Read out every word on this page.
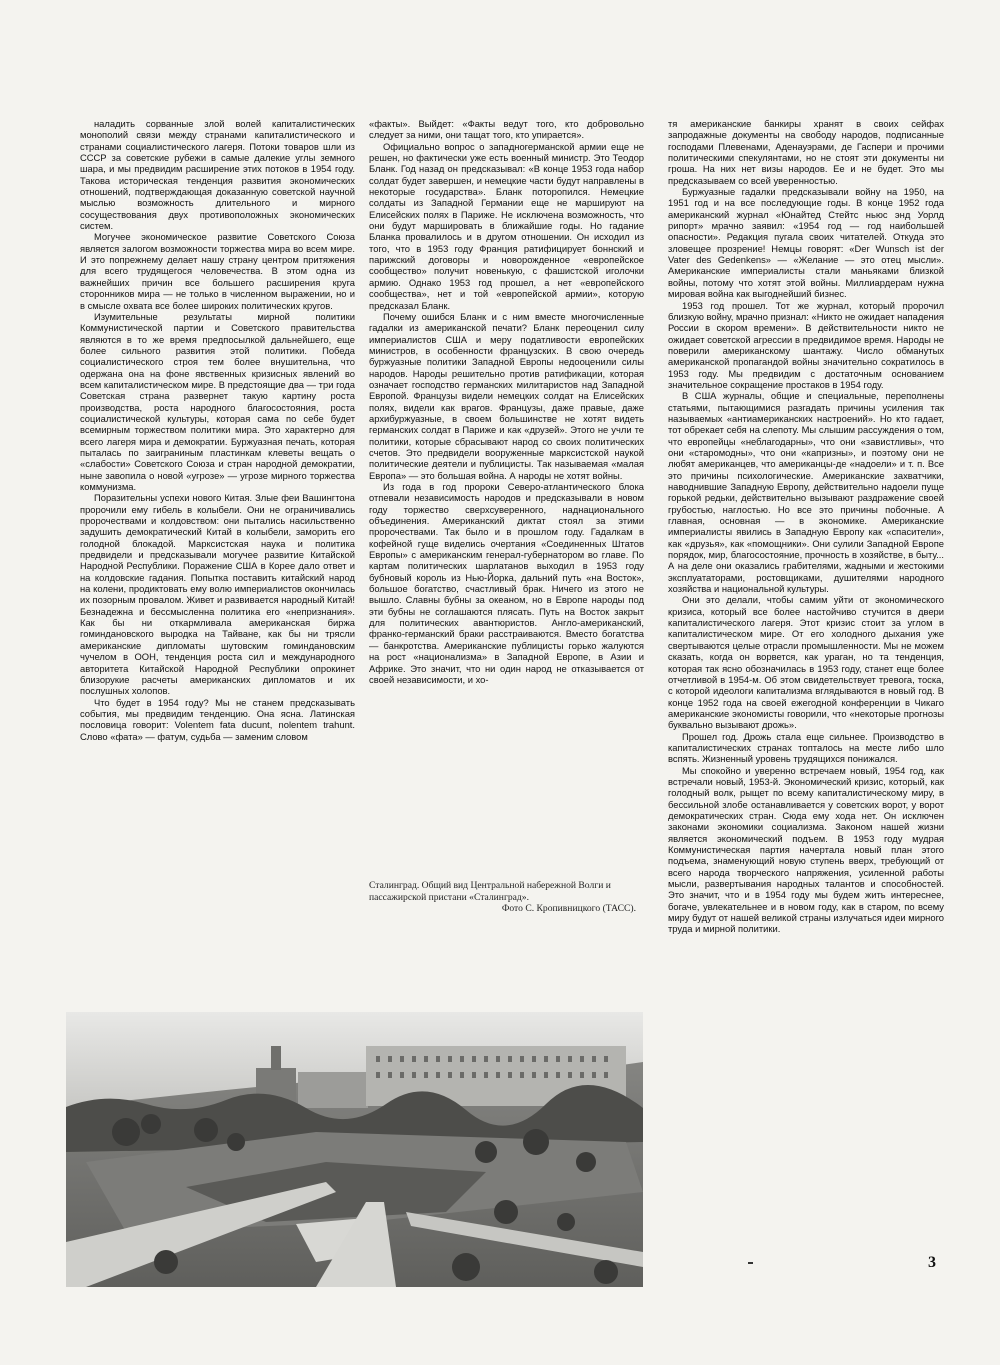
наладить сорванные злой волей капиталистических монополий связи между странами капиталистического и странами социалистического лагеря. Потоки товаров шли из СССР за советские рубежи в самые далекие углы земного шара, и мы предвидим расширение этих потоков в 1954 году. Такова историческая тенденция развития экономических отношений, подтверждающая доказанную советской научной мыслью возможность длительного и мирного сосуществования двух противоположных экономических систем.

Могучее экономическое развитие Советского Союза является залогом возможности торжества мира во всем мире. И это попрежнему делает нашу страну центром притяжения для всего трудящегося человечества. В этом одна из важнейших причин все большего расширения круга сторонников мира — не только в численном выражении, но и в смысле охвата все более широких политических кругов.

Изумительные результаты мирной политики Коммунистической партии и Советского правительства являются в то же время предпосылкой дальнейшего, еще более сильного развития этой политики. Победа социалистического строя тем более внушительна, что одержана она на фоне явственных кризисных явлений во всем капиталистическом мире. В предстоящие два — три года Советская страна развернет такую картину роста производства, роста народного благосостояния, роста социалистической культуры, которая сама по себе будет всемирным торжеством политики мира. Это характерно для всего лагеря мира и демократии. Буржуазная печать, которая пыталась по заиграниным пластинкам клеветы вещать о «слабости» Советского Союза и стран народной демократии, ныне завопила о новой «угрозе» — угрозе мирного торжества коммунизма.

Поразительны успехи нового Китая. Злые феи Вашингтона пророчили ему гибель в колыбели. Они не ограничивались пророчествами и колдовством: они пытались насильственно задушить демократический Китай в колыбели, заморить его голодной блокадой. Марксистская наука и политика предвидели и предсказывали могучее развитие Китайской Народной Республики. Поражение США в Корее дало ответ и на колдовские гадания. Попытка поставить китайский народ на колени, продиктовать ему волю империалистов окончилась их позорным провалом. Живет и развивается народный Китай! Безнадежна и бессмысленна политика его «непризнания». Как бы ни откармливала американская биржа гоминдановского выродка на Тайване, как бы ни трясли американские дипломаты шутовским гоминдановским чучелом в ООН, тенденция роста сил и международного авторитета Китайской Народной Республики опрокинет близорукие расчеты американских дипломатов и их послушных холопов.

Что будет в 1954 году? Мы не станем предсказывать события, мы предвидим тенденцию. Она ясна. Латинская пословица говорит: Volentem fata ducunt, nolentem trahunt. Слово «фата» — фатум, судьба — заменим словом

«факты». Выйдет: «Факты ведут того, кто добровольно следует за ними, они тащат того, кто упирается».

Официально вопрос о западногерманской армии еще не решен, но фактически уже есть военный министр. Это Теодор Бланк. Год назад он предсказывал: «В конце 1953 года набор солдат будет завершен, и немецкие части будут направлены в некоторые государства». Бланк поторопился. Немецкие солдаты из Западной Германии еще не маршируют на Елисейских полях в Париже. Не исключена возможность, что они будут маршировать в ближайшие годы. Но гадание Бланка провалилось и в другом отношении. Он исходил из того, что в 1953 году Франция ратифицирует боннский и парижский договоры и новорожденное «европейское сообщество» получит новенькую, с фашистской иголочки армию. Однако 1953 год прошел, а нет «европейского сообщества», нет и той «европейской армии», которую предсказал Бланк.

Почему ошибся Бланк и с ним вместе многочисленные гадалки из американской печати? Бланк переоценил силу империалистов США и меру податливости европейских министров, в особенности французских. В свою очередь буржуазные политики Западной Европы недооценили силы народов. Народы решительно против ратификации, которая означает господство германских милитаристов над Западной Европой. Французы видели немецких солдат на Елисейских полях, видели как врагов. Французы, даже правые, даже архибуржуазные, в своем большинстве не хотят видеть германских солдат в Париже и как «друзей». Этого не учли те политики, которые сбрасывают народ со своих политических счетов. Это предвидели вооруженные марксистской наукой политические деятели и публицисты. Так называемая «малая Европа» — это большая война. А народы не хотят войны.

Из года в год пророки Северо-атлантического блока отпевали независимость народов и предсказывали в новом году торжество сверхсуверенного, наднационального объединения. Американский диктат стоял за этими пророчествами. Так было и в прошлом году. Гадалкам в кофейной гуще виделись очертания «Соединенных Штатов Европы» с американским генерал-губернатором во главе. По картам политических шарлатанов выходил в 1953 году бубновый король из Нью-Йорка, дальний путь «на Восток», большое богатство, счастливый брак. Ничего из этого не вышло. Славны бубны за океаном, но в Европе народы под эти бубны не соглашаются плясать. Путь на Восток закрыт для политических авантюристов. Англо-американский, франко-германский браки расстраиваются. Вместо богатства — банкротства. Американские публицисты горько жалуются на рост «национализма» в Западной Европе, в Азии и Африке. Это значит, что ни один народ не отказывается от своей независимости, и хо-

тя американские банкиры хранят в своих сейфах запродажные документы на свободу народов, подписанные господами Плевенами, Аденауэрами, де Гаспери и прочими политическими спекулянтами, но не стоят эти документы ни гроша. На них нет визы народов. Ее и не будет. Это мы предсказываем со всей уверенностью.

Буржуазные гадалки предсказывали войну на 1950, на 1951 год и на все последующие годы. В конце 1952 года американский журнал «Юнайтед Стейтс ньюс энд Уорлд рипорт» мрачно заявил: «1954 год — год наибольшей опасности». Редакция пугала своих читателей. Откуда это зловещее прозрение! Немцы говорят: «Der Wunsch ist der Vater des Gedenkens» — «Желание — это отец мысли». Американские империалисты стали маньяками близкой войны, потому что хотят этой войны. Миллиардерам нужна мировая война как выгоднейший бизнес.

1953 год прошел. Тот же журнал, который пророчил близкую войну, мрачно признал: «Никто не ожидает нападения России в скором времени». В действительности никто не ожидает советской агрессии в предвидимое время. Народы не поверили американскому шантажу. Число обманутых американской пропагандой войны значительно сократилось в 1953 году. Мы предвидим с достаточным основанием значительное сокращение простаков в 1954 году.

В США журналы, общие и специальные, переполнены статьями, пытающимися разгадать причины усиления так называемых «антиамериканских настроений». Но кто гадает, тот обрекает себя на слепоту. Мы слышим рассуждения о том, что европейцы «неблагодарны», что они «завистливы», что они «старомодны», что они «капризны», и поэтому они не любят американцев, что американцы-де «надоели» и т. п. Все это причины психологические. Американские захватчики, наводнившие Западную Европу, действительно надоели пуще горькой редьки, действительно вызывают раздражение своей грубостью, наглостью. Но все это причины побочные. А главная, основная — в экономике. Американские империалисты явились в Западную Европу как «спасители», как «друзья», как «помощники». Они сулили Западной Европе порядок, мир, благосостояние, прочность в хозяйстве, в быту... А на деле они оказались грабителями, жадными и жестокими эксплуататорами, ростовщиками, душителями народного хозяйства и национальной культуры.

Они это делали, чтобы самим уйти от экономического кризиса, который все более настойчиво стучится в двери капиталистического лагеря. Этот кризис стоит за углом в капиталистическом мире. От его холодного дыхания уже свертываются целые отрасли промышленности. Мы не можем сказать, когда он ворвется, как ураган, но та тенденция, которая так ясно обозначилась в 1953 году, станет еще более отчетливой в 1954-м. Об этом свидетельствует тревога, тоска, с которой идеологи капитализма вглядываются в новый год. В конце 1952 года на своей ежегодной конференции в Чикаго американские экономисты говорили, что «некоторые прогнозы буквально вызывают дрожь».

Прошел год. Дрожь стала еще сильнее. Производство в капиталистических странах топталось на месте либо шло вспять. Жизненный уровень трудящихся понижался.

Мы спокойно и уверенно встречаем новый, 1954 год, как встречали новый, 1953-й. Экономический кризис, который, как голодный волк, рыщет по всему капиталистическому миру, в бессильной злобе останавливается у советских ворот, у ворот демократических стран. Сюда ему хода нет. Он исключен законами экономики социализма. Законом нашей жизни является экономический подъем. В 1953 году мудрая Коммунистическая партия начертала новый план этого подъема, знаменующий новую ступень вверх, требующий от всего народа творческого напряжения, усиленной работы мысли, развертывания народных талантов и способностей. Это значит, что и в 1954 году мы будем жить интереснее, богаче, увлекательнее и в новом году, как в старом, по всему миру будут от нашей великой страны излучаться идеи мирного труда и мирной политики.

Сталинград. Общий вид Центральной набережной Волги и пассажирской пристани «Сталинград».
Фото С. Кропивницкого (ТАСС).
3
